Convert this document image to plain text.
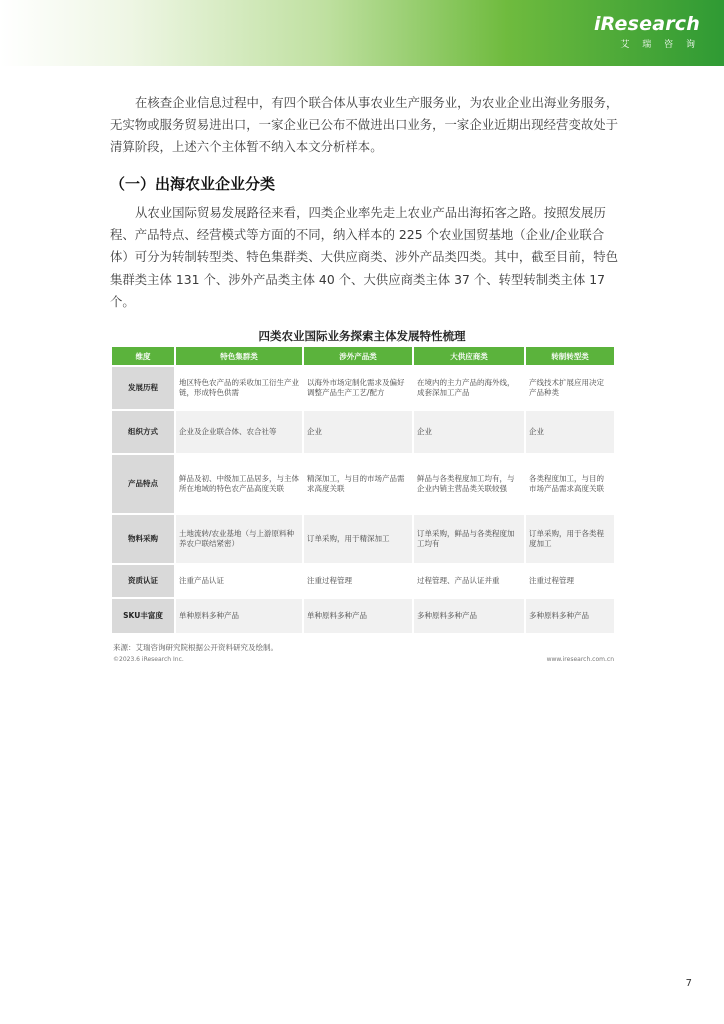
iResearch
艾 瑞 咨 询

在核查企业信息过程中，有四个联合体从事农业生产服务业，为农业企业出海业务服务，无实物或服务贸易进出口，一家企业已公布不做进出口业务，一家企业近期出现经营变故处于清算阶段，上述六个主体暂不纳入本文分析样本。

（一）出海农业企业分类

从农业国际贸易发展路径来看，四类企业率先走上农业产品出海拓客之路。按照发展历程、产品特点、经营模式等方面的不同，纳入样本的 225 个农业国贸基地（企业/企业联合体）可分为转制转型类、特色集群类、大供应商类、涉外产品类四类。其中，截至目前，特色集群类主体 131 个、涉外产品类主体 40 个、大供应商类主体 37 个、转型转制类主体 17 个。

四类农业国际业务探索主体发展特性梳理
维度	特色集群类	涉外产品类	大供应商类	转制转型类
发展历程	地区特色农产品的采收加工衍生产业链，形成特色供需	以海外市场定制化需求及偏好调整产品生产工艺/配方	在境内的主力产品的海外线，成套深加工产品	产线技术扩展应用决定产品种类
组织方式	企业及企业联合体、农合社等	企业	企业	企业
产品特点	鲜品及初、中级加工品居多，与主体所在地域的特色农产品高度关联	精深加工，与目的市场产品需求高度关联	鲜品与各类程度加工均有，与企业内销主营品类关联较强	各类程度加工，与目的市场产品需求高度关联
物料采购	土地流转/农业基地（与上游原料种养农户联结紧密）	订单采购，用于精深加工	订单采购，鲜品与各类程度加工均有	订单采购，用于各类程度加工
资质认证	注重产品认证	注重过程管理	过程管理、产品认证并重	注重过程管理
SKU丰富度	单种原料多种产品	单种原料多种产品	多种原料多种产品	多种原料多种产品
来源：艾瑞咨询研究院根据公开资料研究及绘制。
©2023.6 iResearch Inc.	www.iresearch.com.cn
7
